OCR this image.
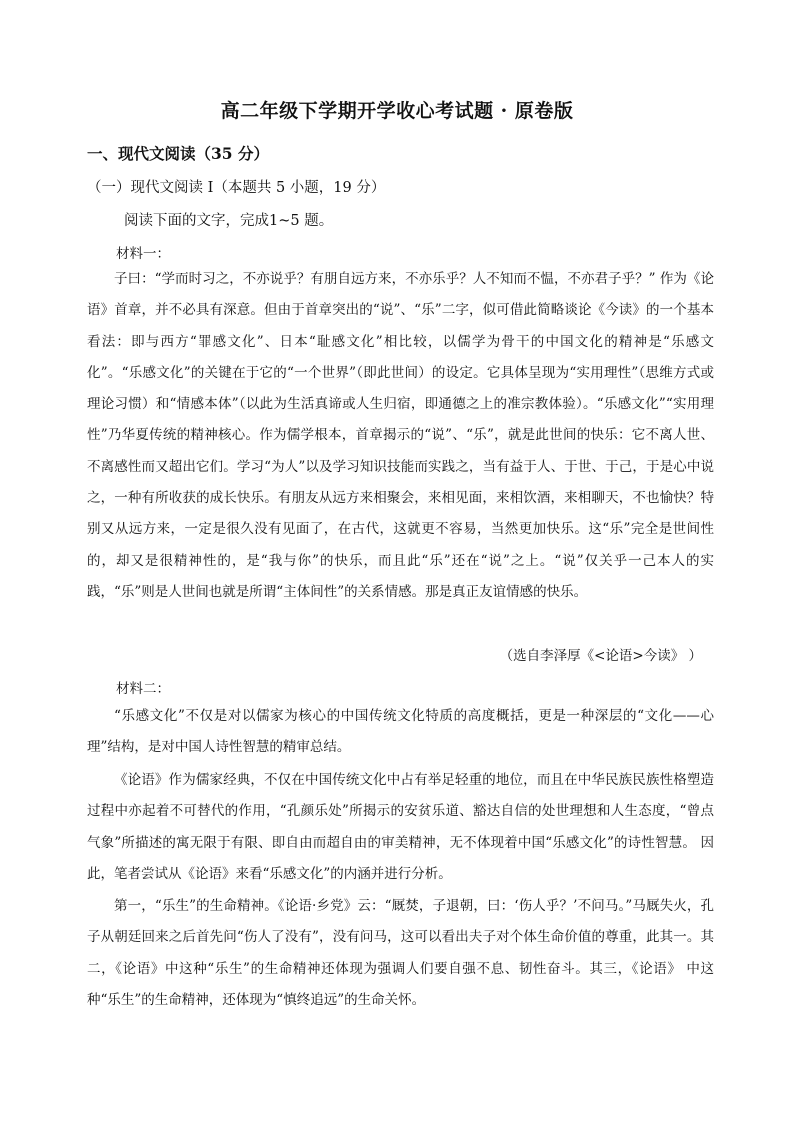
高二年级下学期开学收心考试题 · 原卷版
一、现代文阅读（35 分）
（一）现代文阅读 I（本题共 5 小题，19 分）
阅读下面的文字，完成1~5 题。
材料一：

子曰：“学而时习之，不亦说乎？有朋自远方来，不亦乐乎？人不知而不愠，不亦君子乎？” 作为《论语》首章，并不必具有深意。但由于首章突出的“说”、“乐”二字，似可借此简略谈论《今读》的一个基本看法：即与西方“罪感文化”、日本“耻感文化”相比较，以儒学为骨干的中国文化的精神是“乐感文化”。“乐感文化”的关键在于它的“一个世界”（即此世间）的设定。它具体呈现为“实用理性”（思维方式或理论习惯）和“情感本体”（以此为生活真谛或人生归宿，即通德之上的准宗教体验）。“乐感文化”“实用理性”乃华夏传统的精神核心。作为儒学根本，首章揭示的“说”、“乐”，就是此世间的快乐：它不离人世、不离感性而又超出它们。学习“为人”以及学习知识技能而实践之，当有益于人、于世、于己，于是心中说之，一种有所收获的成长快乐。有朋友从远方来相聚会，来相见面，来相饮酒，来相聊天，不也愉快？特别又从远方来，一定是很久没有见面了，在古代，这就更不容易，当然更加快乐。这“乐”完全是世间性的，却又是很精神性的，是“我与你”的快乐，而且此“乐”还在“说”之上。“说”仅关乎一己本人的实践，“乐”则是人世间也就是所谓“主体间性”的关系情感。那是真正友谊情感的快乐。

（选自李泽厚《<论语>今读》 ）
材料二：

“乐感文化”不仅是对以儒家为核心的中国传统文化特质的高度概括，更是一种深层的“文化——心理”结构，是对中国人诗性智慧的精审总结。

《论语》作为儒家经典，不仅在中国传统文化中占有举足轻重的地位，而且在中华民族民族性格塑造过程中亦起着不可替代的作用，“孔颜乐处”所揭示的安贫乐道、豁达自信的处世理想和人生态度，“曾点气象”所描述的寓无限于有限、即自由而超自由的审美精神，无不体现着中国“乐感文化”的诗性智慧。 因此，笔者尝试从《论语》来看“乐感文化”的内涵并进行分析。

第一，“乐生”的生命精神。《论语·乡党》云：“厩焚，子退朝，曰：‘伤人乎？’不问马。”马厩失火，孔子从朝廷回来之后首先问“伤人了没有”，没有问马，这可以看出夫子对个体生命价值的尊重，此其一。其二，《论语》中这种“乐生”的生命精神还体现为强调人们要自强不息、韧性奋斗。其三，《论语》 中这种“乐生”的生命精神，还体现为“慎终追远”的生命关怀。
